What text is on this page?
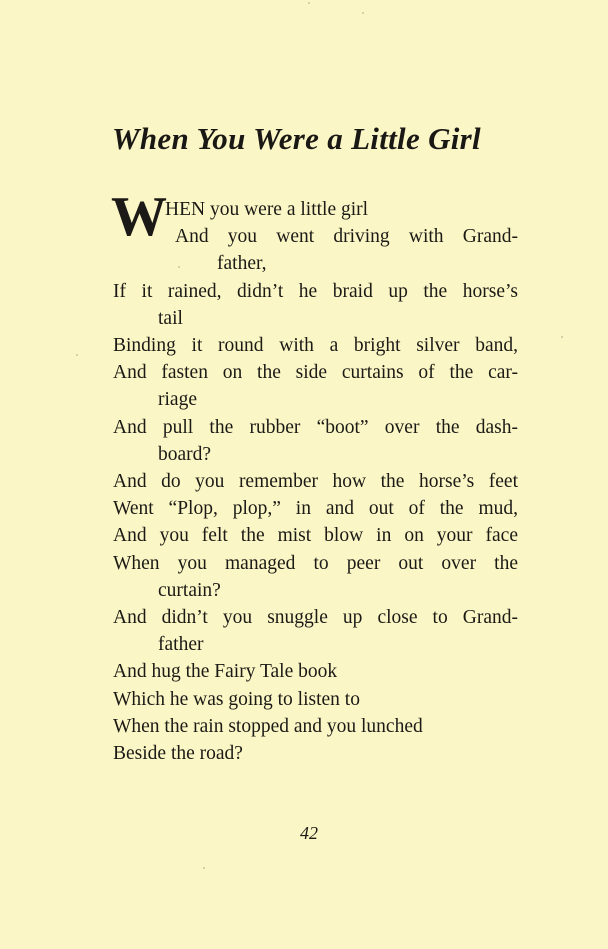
When You Were a Little Girl
W HEN you were a little girl
And you went driving with Grand-
father,
If it rained, didn’t he braid up the horse’s
tail
Binding it round with a bright silver band,
And fasten on the side curtains of the car-
riage
And pull the rubber “boot” over the dash-
board?
And do you remember how the horse’s feet
Went “Plop, plop,” in and out of the mud,
And you felt the mist blow in on your face
When you managed to peer out over the
curtain?
And didn’t you snuggle up close to Grand-
father
And hug the Fairy Tale book
Which he was going to listen to
When the rain stopped and you lunched
Beside the road?
42
